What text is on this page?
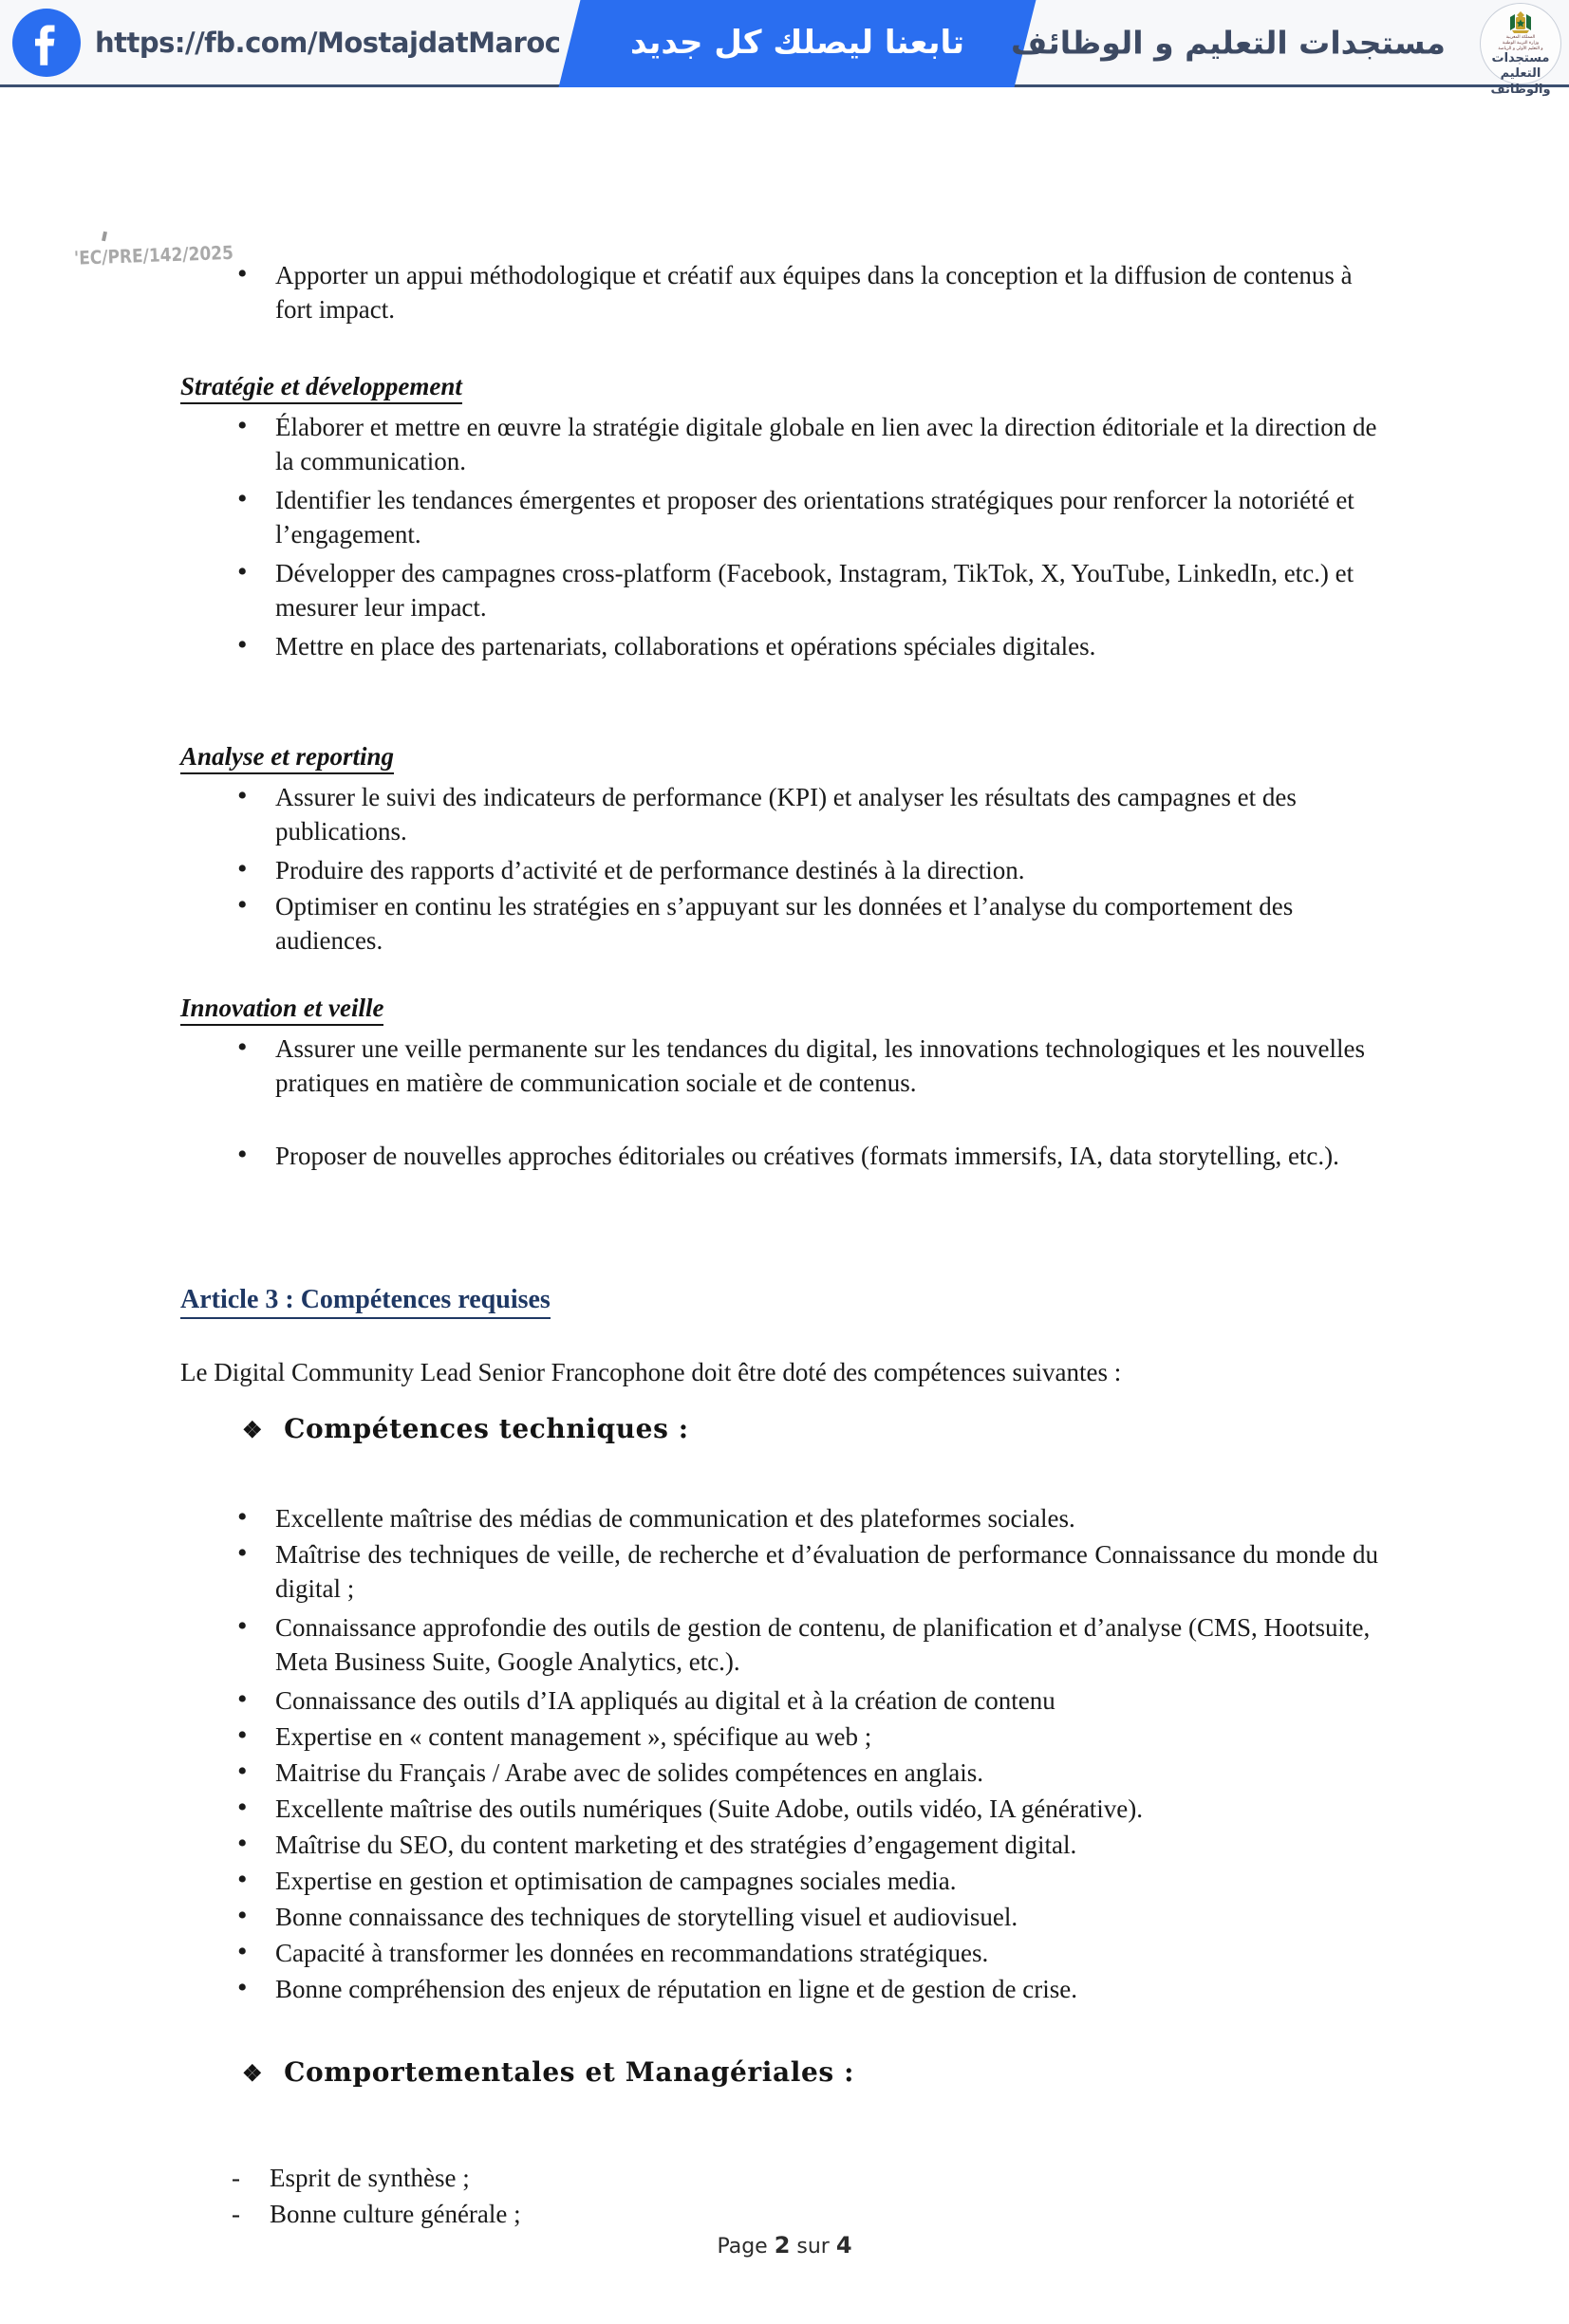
https://fb.com/MostajdatMaroc	تابعنا ليصلك كل جديد	مستجدات التعليم و الوظائف	المملكة المغربية
وزارة التربية الوطنية
و التعليم الأولي و الرياضة
مستجدات التعليم
والوظائف
'EC/PRE/142/2025
•	Apporter un appui méthodologique et créatif aux équipes dans la conception et la diffusion de contenus à fort impact.
Stratégie et développement
•	Élaborer et mettre en œuvre la stratégie digitale globale en lien avec la direction éditoriale et la direction de la communication.
•	Identifier les tendances émergentes et proposer des orientations stratégiques pour renforcer la notoriété et l’engagement.
•	Développer des campagnes cross-platform (Facebook, Instagram, TikTok, X, YouTube, LinkedIn, etc.) et mesurer leur impact.
•	Mettre en place des partenariats, collaborations et opérations spéciales digitales.
Analyse et reporting
•	Assurer le suivi des indicateurs de performance (KPI) et analyser les résultats des campagnes et des publications.
•	Produire des rapports d’activité et de performance destinés à la direction.
•	Optimiser en continu les stratégies en s’appuyant sur les données et l’analyse du comportement des audiences.
Innovation et veille
•	Assurer une veille permanente sur les tendances du digital, les innovations technologiques et les nouvelles pratiques en matière de communication sociale et de contenus.
•	Proposer de nouvelles approches éditoriales ou créatives (formats immersifs, IA, data storytelling, etc.).
Article 3 : Compétences requises
Le Digital Community Lead Senior Francophone doit être doté des compétences suivantes :
❖ Compétences techniques :
•	Excellente maîtrise des médias de communication et des plateformes sociales.
•	Maîtrise des techniques de veille, de recherche et d’évaluation de performance Connaissance du monde du digital ;
•	Connaissance approfondie des outils de gestion de contenu, de planification et d’analyse (CMS, Hootsuite, Meta Business Suite, Google Analytics, etc.).
•	Connaissance des outils d’IA appliqués au digital et à la création de contenu
•	Expertise en « content management », spécifique au web ;
•	Maitrise du Français / Arabe avec de solides compétences en anglais.
•	Excellente maîtrise des outils numériques (Suite Adobe, outils vidéo, IA générative).
•	Maîtrise du SEO, du content marketing et des stratégies d’engagement digital.
•	Expertise en gestion et optimisation de campagnes sociales media.
•	Bonne connaissance des techniques de storytelling visuel et audiovisuel.
•	Capacité à transformer les données en recommandations stratégiques.
•	Bonne compréhension des enjeux de réputation en ligne et de gestion de crise.
❖ Comportementales et Managériales :
-	Esprit de synthèse ;
-	Bonne culture générale ;
Page 2 sur 4
